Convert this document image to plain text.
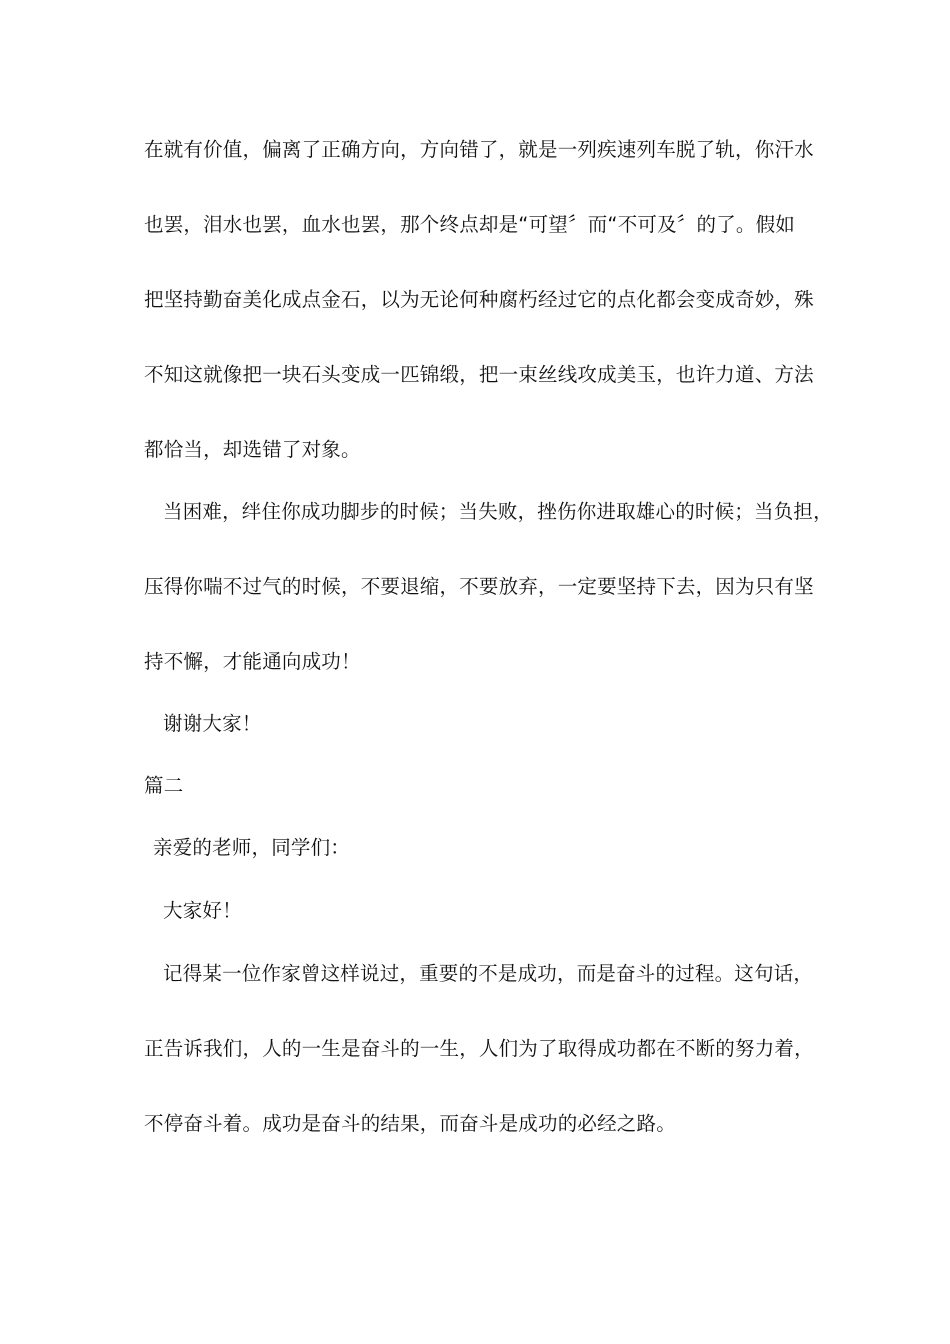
在就有价值，偏离了正确方向，方向错了，就是一列疾速列车脱了轨，你汗水
也罢，泪水也罢，血水也罢，那个终点却是“可望〞而“不可及〞的了。假如
把坚持勤奋美化成点金石，以为无论何种腐朽经过它的点化都会变成奇妙，殊
不知这就像把一块石头变成一匹锦缎，把一束丝线攻成美玉，也许力道、方法
都恰当，却选错了对象。
当困难，绊住你成功脚步的时候；当失败，挫伤你进取雄心的时候；当负担，
压得你喘不过气的时候，不要退缩，不要放弃，一定要坚持下去，因为只有坚
持不懈，才能通向成功！
谢谢大家！
篇二
亲爱的老师，同学们：
大家好！
记得某一位作家曾这样说过，重要的不是成功，而是奋斗的过程。这句话，
正告诉我们，人的一生是奋斗的一生，人们为了取得成功都在不断的努力着，
不停奋斗着。成功是奋斗的结果，而奋斗是成功的必经之路。
